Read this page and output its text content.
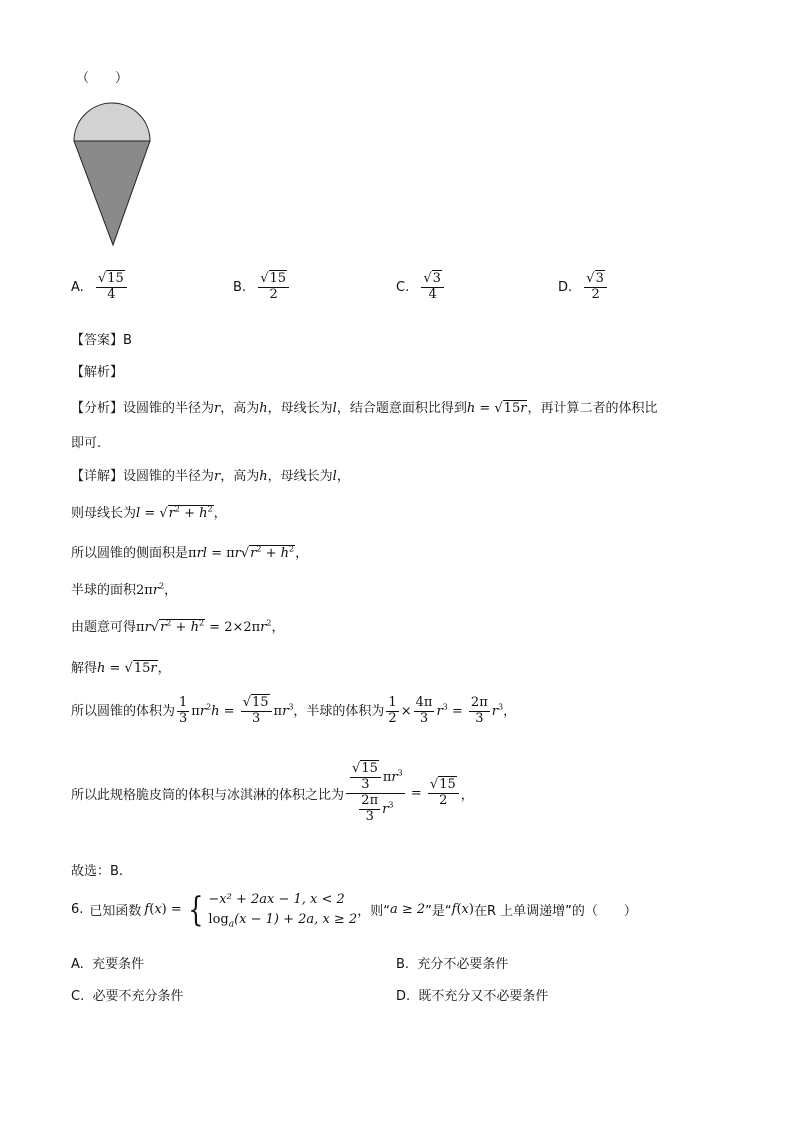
（　　）
A. $\frac{√15}{4}$	B. $\frac{√15}{2}$	C. $\frac{√3}{4}$	D. $\frac{√3}{2}$
【答案】B
【解析】
【分析】设圆锥的半径为r，高为h，母线长为l，结合题意面积比得到h = √15r，再计算二者的体积比
即可.
【详解】设圆锥的半径为r，高为h，母线长为l，
则母线长为$l = √r^2 + h^2$，
所以圆锥的侧面积是$\pi rl = \pi r√r^2 + h^2$，
半球的面积$2\pi r^2$，
由题意可得$\pi r√r^2 + h^2 = 2\times 2\pi r^2$，
解得h = √15r，
所以圆锥的体积为 $\frac{1}{3} \pi r^2h = \frac{√15}{3} \pi r^3$，半球的体积为 $\frac{1}{2} \times \frac{4\pi}{3} r^3 = \frac{2\pi}{3} r^3$，
所以此规格脆皮筒的体积与冰淇淋的体积之比为 $\frac{\frac{√15}{3} \pi r^3}{\frac{2\pi}{3} r^3} = \frac{√15}{2}$ ，
故选：B.
6. 已知函数 f(x) = { −x² + 2ax − 1, x < 2
$\log_a(x - 1) + 2a$, x ≥ 2 ，则“ a ≥ 2 ”是“ f(x) 在R 上单调递增”的（　　）
A. 充要条件	B. 充分不必要条件
C. 必要不充分条件	D. 既不充分又不必要条件
